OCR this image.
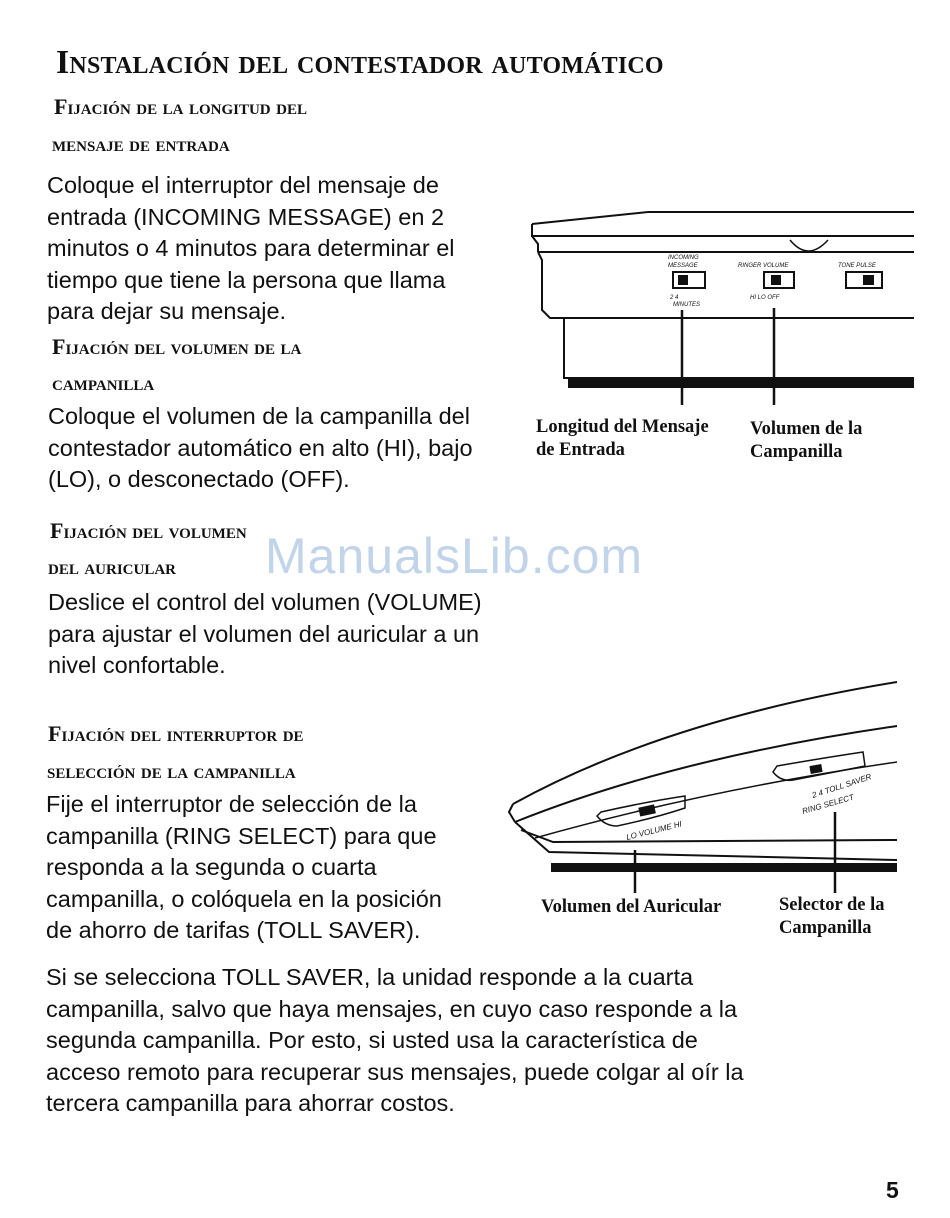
Instalación del contestador automático
Fijación de la longitud del
mensaje de entrada
Coloque el interruptor del mensaje de
entrada (INCOMING MESSAGE) en 2
minutos o 4 minutos para determinar el
tiempo que tiene la persona que llama
para dejar su mensaje.
Fijación del volumen de la
campanilla
Coloque el volumen de la campanilla del
contestador automático en alto (HI), bajo
(LO), o desconectado (OFF).
Fijación del volumen
del auricular
Deslice el control del volumen (VOLUME)
para ajustar el volumen del auricular a un
nivel confortable.
Fijación del interruptor de
selección de la campanilla
Fije el interruptor de selección de la
campanilla (RING SELECT) para que
responda a la segunda o cuarta
campanilla, o colóquela en la posición
de ahorro de tarifas (TOLL SAVER).
Si se selecciona TOLL SAVER, la unidad responde a la cuarta
campanilla, salvo que haya mensajes, en cuyo caso responde a la
segunda campanilla. Por esto, si usted usa la característica de
acceso remoto para recuperar sus mensajes, puede colgar al oír la
tercera campanilla para ahorrar costos.
INCOMING
MESSAGE
2 4
MINUTES
RINGER VOLUME
HI LO OFF
TONE PULSE
Longitud del Mensaje
de Entrada
Volumen de la
Campanilla
LO VOLUME HI
2 4 TOLL SAVER
RING SELECT
Volumen del Auricular	Selector de la
Campanilla
ManualsLib.com
5
